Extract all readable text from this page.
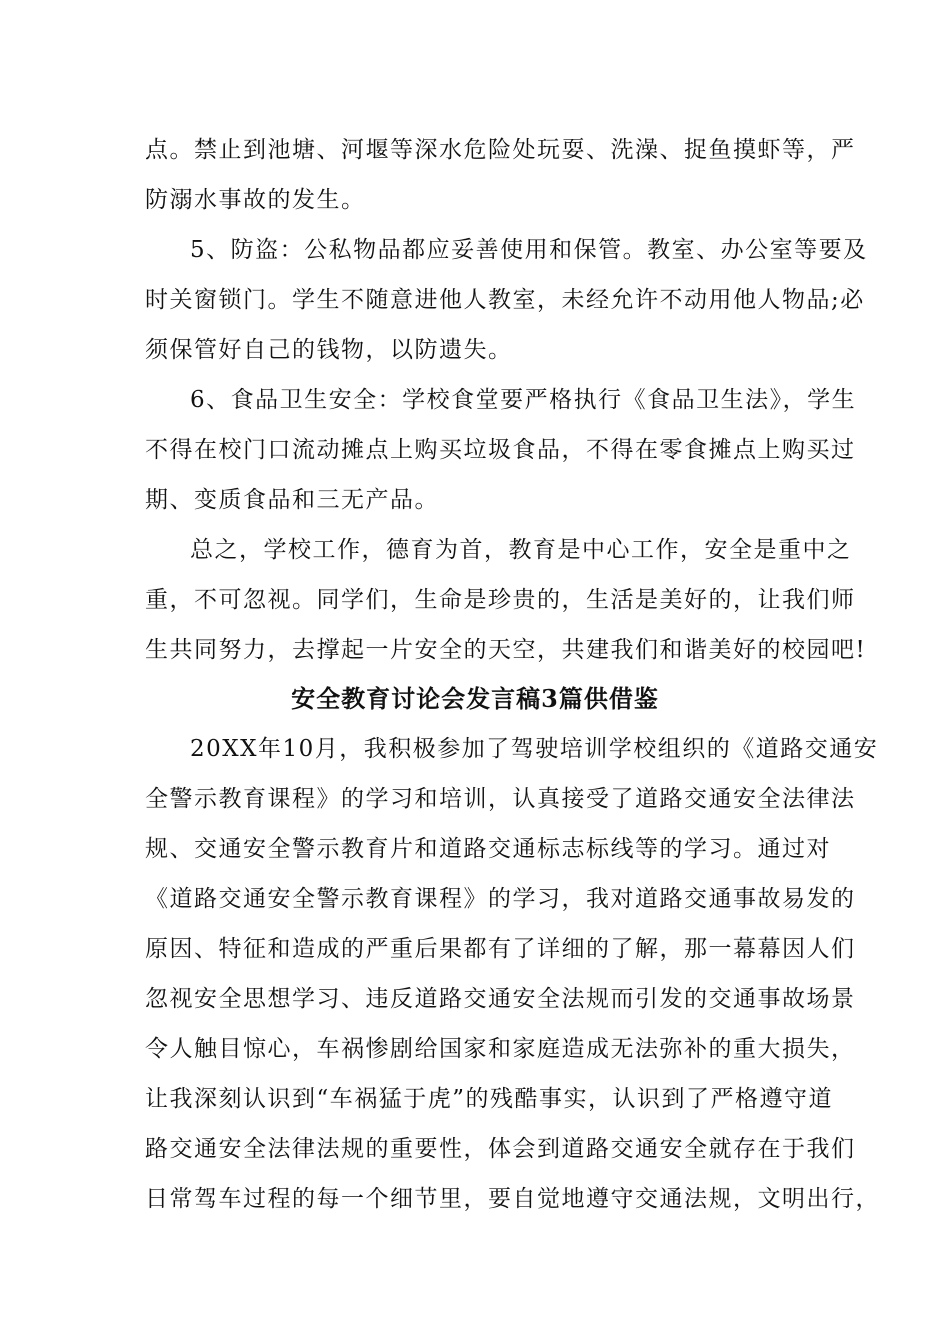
点。禁止到池塘、河堰等深水危险处玩耍、洗澡、捉鱼摸虾等，严
防溺水事故的发生。
5、防盗：公私物品都应妥善使用和保管。教室、办公室等要及
时关窗锁门。学生不随意进他人教室，未经允许不动用他人物品;必
须保管好自己的钱物，以防遗失。
6、食品卫生安全：学校食堂要严格执行《食品卫生法》，学生
不得在校门口流动摊点上购买垃圾食品，不得在零食摊点上购买过
期、变质食品和三无产品。
总之，学校工作，德育为首，教育是中心工作，安全是重中之
重，不可忽视。同学们，生命是珍贵的，生活是美好的，让我们师
生共同努力，去撑起一片安全的天空，共建我们和谐美好的校园吧!
安全教育讨论会发言稿3篇供借鉴
20XX年10月，我积极参加了驾驶培训学校组织的《道路交通安
全警示教育课程》的学习和培训，认真接受了道路交通安全法律法
规、交通安全警示教育片和道路交通标志标线等的学习。通过对
《道路交通安全警示教育课程》的学习，我对道路交通事故易发的
原因、特征和造成的严重后果都有了详细的了解，那一幕幕因人们
忽视安全思想学习、违反道路交通安全法规而引发的交通事故场景
令人触目惊心，车祸惨剧给国家和家庭造成无法弥补的重大损失，
让我深刻认识到“车祸猛于虎”的残酷事实，认识到了严格遵守道
路交通安全法律法规的重要性，体会到道路交通安全就存在于我们
日常驾车过程的每一个细节里，要自觉地遵守交通法规，文明出行，
